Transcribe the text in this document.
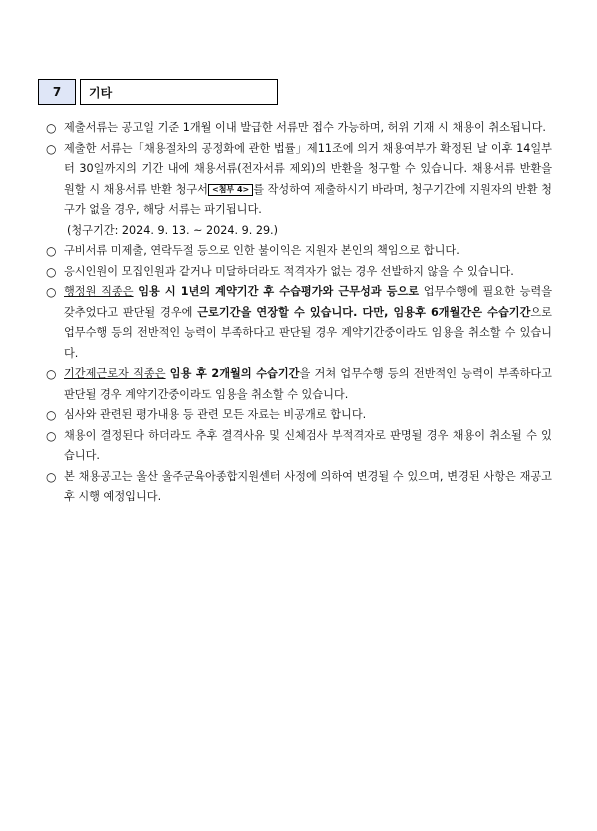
7	기타
○ 제출서류는 공고일 기준 1개월 이내 발급한 서류만 접수 가능하며, 허위 기재 시 채용이 취소됩니다.
○ 제출한 서류는「채용절차의 공정화에 관한 법률」제11조에 의거 채용여부가 확정된 날 이후 14일부터 30일까지의 기간 내에 채용서류(전자서류 제외)의 반환을 청구할 수 있습니다. 채용서류 반환을 원할 시 채용서류 반환 청구서 <첨부 4> 를 작성하여 제출하시기 바라며, 청구기간에 지원자의 반환 청구가 없을 경우, 해당 서류는 파기됩니다.
(청구기간: 2024. 9. 13. ~ 2024. 9. 29.)
○ 구비서류 미제출, 연락두절 등으로 인한 불이익은 지원자 본인의 책임으로 합니다.
○ 응시인원이 모집인원과 같거나 미달하더라도 적격자가 없는 경우 선발하지 않을 수 있습니다.
○ 행정원 직종은 임용 시 1년의 계약기간 후 수습평가와 근무성과 등으로 업무수행에 필요한 능력을 갖추었다고 판단될 경우에 근로기간을 연장할 수 있습니다. 다만, 임용후 6개월간은 수습기간으로 업무수행 등의 전반적인 능력이 부족하다고 판단될 경우 계약기간중이라도 임용을 취소할 수 있습니다.
○ 기간제근로자 직종은 임용 후 2개월의 수습기간을 거쳐 업무수행 등의 전반적인 능력이 부족하다고 판단될 경우 계약기간중이라도 임용을 취소할 수 있습니다.
○ 심사와 관련된 평가내용 등 관련 모든 자료는 비공개로 합니다.
○ 채용이 결정된다 하더라도 추후 결격사유 및 신체검사 부적격자로 판명될 경우 채용이 취소될 수 있습니다.
○ 본 채용공고는 울산 울주군육아종합지원센터 사정에 의하여 변경될 수 있으며, 변경된 사항은 재공고 후 시행 예정입니다.
